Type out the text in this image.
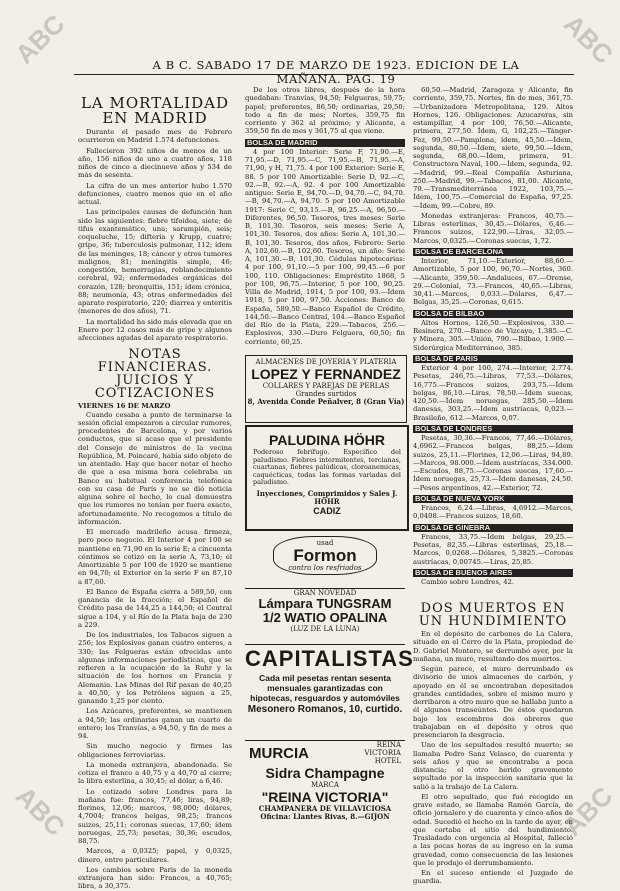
ABC	ABC
ABC	ABC
A B C. SABADO 17 DE MARZO DE 1923. EDICION DE LA MAÑANA. PAG. 19
LA MORTALIDAD EN MADRID

Durante el pasado mes de Febrero ocurrieron en Madrid 1.574 defunciones.

Fallecieron 392 niños de menos de un año, 156 niños de uno a cuatro años, 118 niños de cinco a diecinueve años y 534 de más de sesenta.

La cifra de un mes anterior hubo 1.570 defunciones, cuatro menos que en el año actual.

Las principales causas de defunción han sido las siguientes: fiebre tifoidea, siete; de tifus exantemático, una; sarampión, seis; coqueluche, 15; difteria y Krupp, cuatro; gripe, 36; tuberculosis pulmonar, 112; ídem de las meninges, 18; cáncer y otros tumores malignos, 81; meningitis simple, 46; congestión, hemorragias, reblandecimiento cerebral, 92; enfermedades orgánicas del corazón, 128; bronquitis, 151; ídem crónica, 88; neumonía, 43; otras enfermedades del aparato respiratorio, 220; diarrea y enteritis (menores de dos años), 71.

La mortalidad ha sido más elevada que en Enero por 12 casos más de gripe y algunos afecciones agudas del aparato respiratorio.

NOTAS FINANCIERAS. JUICIOS Y COTIZACIONES
VIERNES 16 DE MARZO

Cuando cesaba a punto de terminarse la sesión oficial empezaron a circular rumores, procedentes de Barcelona, y por varios conductos, que si acaso que el presidente del Consejo de ministros de la vecina República, M. Poincaré, había sido objeto de un atentado. Hay que hacer notar el hecho de que a esa misma hora celebraba un Banco su habitual conferencia telefónica con su casa de París y no se dió noticia alguna sobre el hecho, lo cual demuestra que los rumores no tenían por fuera exacto, afortunadamente. No recogemos a título de información.

El mercado madrileño acusa firmeza, pero poco negocio. El Interior 4 por 100 se mantiene en 71,90 en la serie E; a cincuenta céntimos se cotizó en la serie A, 73,10; el Amortizable 5 por 100 de 1920 se mantiene en 94,70; el Exterior en la serie F en 87,10 a 87,60.

El Banco de España cierra a 589,50, con ganancia de la fracción; el Español de Crédito pasa de 144,25 a 144,50; el Central sigue a 104, y el Río de la Plata baja de 230 a 229.

De los industriales, los Tabacos siguen a 256; los Explosivos ganan cuatro enteros, a 330; las Felgueras están ofrecidas ante algunas informaciones periodísticas, que se refieren a la ocupación de la Ruhr y la situación de los hornos en Francia y Alemania. Las Minas del Rif pasan de 40,25 a 40,50, y los Petróleos siguen a 25, ganando 1,25 por ciento.

Los Azúcares, preferentes, se mantienen a 94,50; las ordinarias ganan un cuarto de entero; los Tranvías, a 94,50, y fin de mes a 94.

Sin mucho negocio y firmes las obligaciones ferroviarias.

La moneda extranjera, abandonada. Se cotiza el franco a 40,75 y a 40,70 al cierre; la libra esterlina, a 30,45; el dólar, a 6,46.

Lo cotizado sobre Londres para la mañana fue: francos, 77,46; liras, 94,89; florines, 12,06; marcos, 98,000; dólares, 4,7004; francos belgas, 98,25; francos suizos, 25,11; coronas suecas, 17,60; ídem noruegas, 25,73; pesetas, 30,36; escudos, 88,75.

Marcos, a 0,0325; papel, y 0,0325, dinero, entre particulares.

Los cambios sobre Paris de la moneda extranjera han sido: Francos, a 40,765; libra, a 30,375.

De los otros libres, después de la hora quedaban: Tranvías, 94,50; Felgueras, 59,75; papel; preferentes, 86,50; ordinarias, 29,50; todo a fin de mes; Nortes, 359,75 fin corriente y 362 al próximo; y Alicante, a 359,50 fin de mes y 361,75 al que viene.

BOLSA DE MADRID

4 por 100 Interior: Serie F, 71,90.—E, 71,95.—D, 71,95.—C, 71,95.—B, 71,95.—A, 71,90, y H, 71,75. 4 por 100 Exterior: Serie E, 88. 5 por 100 Amortizable: Serie D, 92.—C, 92.—B, 92.—A, 92. 4 por 100 Amortizable antiguo: Serie E, 94,70.—D, 94,70.—C, 94,70.—B, 94,70.—A, 94,70. 5 por 100 Amortizable 1917: Serie C, 93,15.—B, 96,25.—A, 96,50.—Diferentes, 96,50. Tesoros, tres meses: Serie B, 101,30. Tesoros, seis meses: Serie A, 101,30. Tesoros, dos años: Serie A, 101,30.—B, 101,30. Tesoros, dos años, Febrero: Serie A, 102,60.—B, 102,60. Tesoros, un año: Serie A, 101,30.—B, 101,30. Cédulas hipotecarias: 4 por 100, 91,10.—5 por 100, 99,45.—6 por 100, 110. Obligaciones: Empréstito 1868, 5 por 100, 96,75.—Interior, 5 por 100, 90,25. Villa de Madrid, 1914, 5 por 100, 93.—Ídem 1918, 5 por 100, 97,50. Acciones: Banco de España, 589,50.—Banco Español de Crédito, 144,50.—Banco Central, 104.—Banco Español del Río de la Plata, 229.—Tabacos, 256.—Explosivos, 330.—Duro Felguera, 60,50; fin corriente, 60,25.

ALMACENES DE JOYERIA Y PLATERIA
LOPEZ Y FERNANDEZ
COLLARES Y PAREJAS DE PERLAS
Grandes surtidos
8, Avenida Conde Peñalver, 8 (Gran Vía)
PALUDINA HÖHR
Poderoso febrífugo. Específico del paludismo. Fiebres intermitentes, tercianas, cuartanas, fiebres palúdicas, cloroanemicas, caquécticas, todas las formas variadas del paludismo.
Inyecciones, Comprimidos y Sales J. HÖHR
CADIZ
usad
Formon
contra los resfriados
GRAN NOVEDAD
Lámpara TUNGSRAM
1/2 WATIO OPALINA
(LUZ DE LA LUNA)
CAPITALISTAS
Cada mil pesetas rentan sesenta mensuales garantizadas con hipotecas, resguardos y automóviles
Mesonero Romanos, 10, curtido.
MURCIA	REINA VICTORIA HOTEL
Sidra Champagne
MARCA
"REINA VICTORIA"
CHAMPANERA DE VILLAVICIOSA
Oficina: Llantes Rivas, 8.—GIJON

60,50.—Madrid, Zaragoza y Alicante, fin corriente, 359,75. Nortes, fin de mes, 361,75.—Urbanizadora Metropolitana, 129. Altos Hornos, 126. Obligaciones: Azucareras, sin estampillar, 4 por 100, 76,50.—Alicante, primera, 277,50. Ídem, G, 102,25.—Tánger-Fez, 99,50.—Pamplona, ídem, 45,50.—Ídem, segunda, 80,50.—Ídem, siete, 99,50.—Ídem, segunda, 68,00.—Ídem, primera, 91. Constructora Naval, 100.—Ídem, segunda, 92.—Madrid, 99.—Real Compañía Asturiana, 250.—Madrid, 99.—Tabacos, 81,00. Alicante, 79.—Transmediterránea 1922, 103,75.—Ídem, 100,75.—Comercial de España, 97,25.—Ídem, 99.—Cobre, 89.

Monedas extranjeras: Francos, 40,75.—Libras esterlinas, 30,45.—Dólares, 6,46.—Francos suizos, 122,90.—Liras, 32,05.—Marcos, 0,0325.—Coronas suecas, 1,72.

BOLSA DE BARCELONA

Interior, 71,10.—Exterior, 88,60.—Amortizable, 5 por 100, 96,70.—Nortes, 360.—Alicante, 359,50.—Andaluces, 67.—Orense, 29.—Colonial, 73.—Francos, 40,65.—Libras, 30,41.—Marcos, 0,033.—Dólares, 6,47.—Belgas, 35,25.—Coronas, 0,615.

BOLSA DE BILBAO

Altos Hornos, 126,50.—Explosivos, 330.—Resinera, 270.—Banco de Vizcaya, 1.385.—C. y Minera, 305.—Unión, 790.—Bilbao, 1.900.—Siderúrgica Mediterráneo, 385.

BOLSA DE PARIS

Exterior 4 por 100, 274.—Interior, 2.774. Pesetas, 246,75.—Libras, 77,53.—Dólares, 16,775.—Francos suizos, 293,75.—Ídem belgas, 86,10.—Liras, 78,50.—Ídem suecas, 420,50.—Ídem noruegas, 285,50.—Ídem danesas, 303,25.—Ídem austríacas, 0,023.—Brasileño, 612.—Marcos, 0,07.

BOLSA DE LONDRES

Pesetas, 30,36.—Francos, 77,46.—Dólares, 4,6962.—Francos belgas, 88,25.—Ídem suizos, 25,11.—Florines, 12,06.—Liras, 94,89.—Marcos, 98.000.—Ídem austríacas, 334.000.—Escudos, 88,75.—Coronas suecas, 17,60.—Ídem noruegas, 25,73.—Ídem danesas, 24,50.—Pesos argentinos, 42.—Exterior, 72.

BOLSA DE NUEVA YORK

Francos, 6,24.—Libras, 4,6912.—Marcos, 0,0408.—Francos suizos, 18,60.

BOLSA DE GINEBRA

Francos, 33,75.—Ídem belgas, 29,25.—Pesetas, 82,35.—Libras esterlinas, 25,18.—Marcos, 0,0268.—Dólares, 5,3825.—Coronas austríacas, 0,00745.—Liras, 25,85.

BOLSA DE BUENOS AIRES

Cambio sobre Londres, 42.

DOS MUERTOS EN UN HUNDIMIENTO

En el depósito de carbones de La Calera, situado en el Cerro de la Plata, propiedad de D. Gabriel Montero, se derrumbó ayer, por la mañana, un muro, resultando dos muertos.

Según parece, el muro derrumbado es divisorio de unos almacenes de carbón, y apoyado en él se encontraban depositados grandes cantidades, sobre el mismo muro y derribaron a otro muro que se hallaba junto a él algunos transeúntes. De éstos quedaron bajo los escombros dos obreros que trabajaban en el depósito y otros que presenciaron la desgracia.

Uno de los sepultados resultó muerto; se llamaba Pedro Sanz Velasco, de cuarenta y seis años y que se encontraba a poca distancia; el otro herido gravemente sepultado por la inspección sanitaria que la salió a la trabajo de La Calera.

El otro sepultado, que fué recogido en grave estado, se llamaba Ramón García, de oficio jornalero y de cuarenta y cinco años de edad. Sucedió el hecho en la tarde de ayer, en que cortaba el sitio del hundimiento. Trasladado con urgencia al Hospital, falleció a las pocas horas de su ingreso en la suma gravedad, como consecuencia de las lesiones que le produjo el derrumbamiento.

En el suceso entiende el Juzgado de guardia.
